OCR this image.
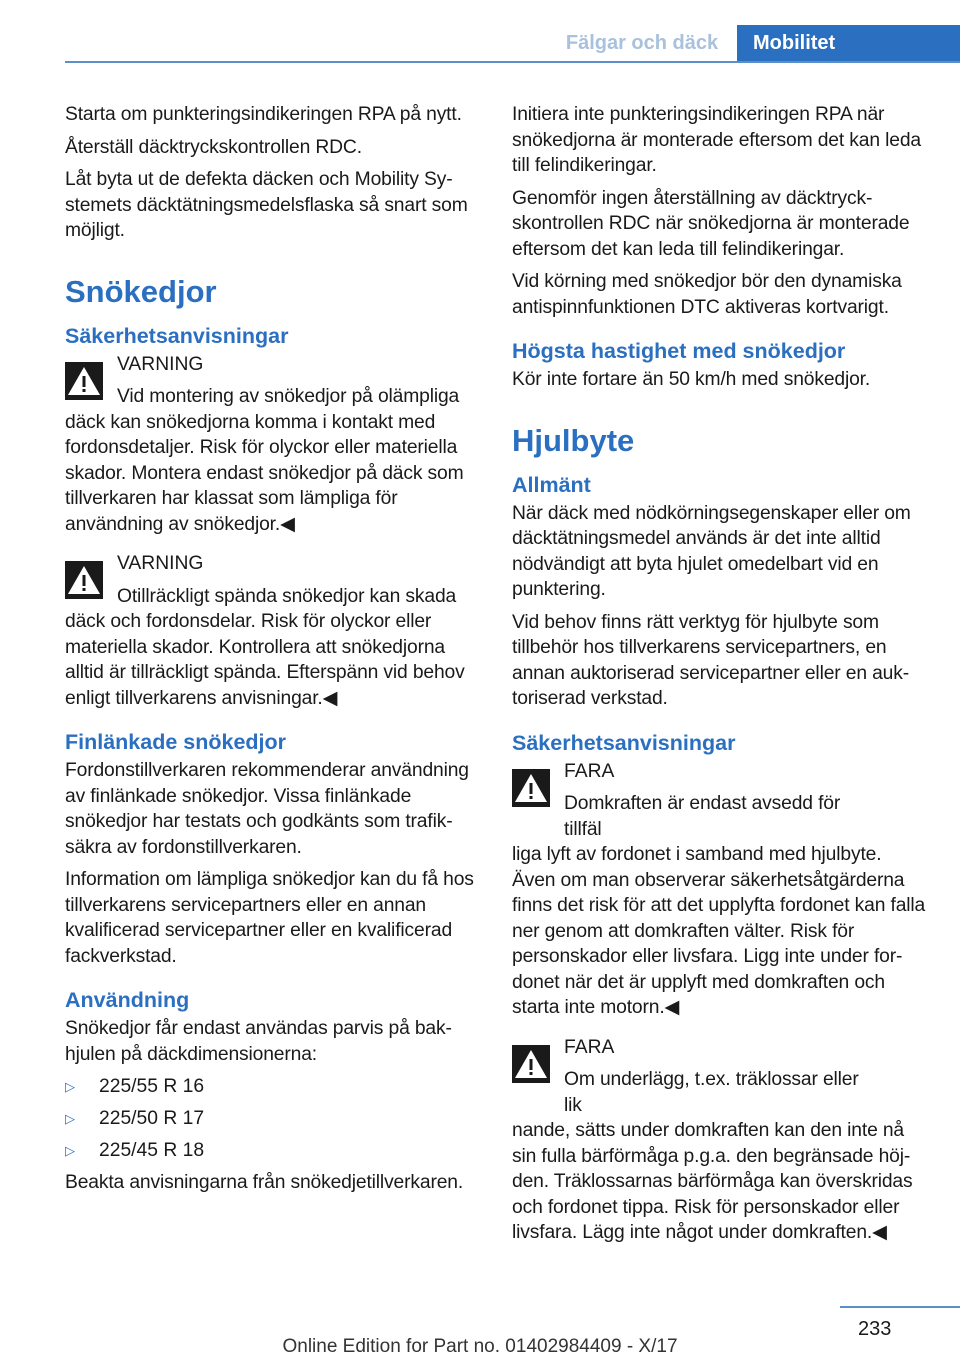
Fälgar och däck	Mobilitet

Starta om punkteringsindikeringen RPA på nytt.

Återställ däcktryckskontrollen RDC.

Låt byta ut de defekta däcken och Mobility Systemets däcktätningsmedelsflaska så snart som möjligt.

Snökedjor
Säkerhetsanvisningar
VARNING
Vid montering av snökedjor på olämpliga
däck kan snökedjorna komma i kontakt med fordonsdetaljer. Risk för olyckor eller materiella skador. Montera endast snökedjor på däck som tillverkaren har klassat som lämpliga för användning av snökedjor.◀
VARNING
Otillräckligt spända snökedjor kan skada
däck och fordonsdelar. Risk för olyckor eller materiella skador. Kontrollera att snökedjorna alltid är tillräckligt spända. Efterspänn vid behov enligt tillverkarens anvisningar.◀
Finlänkade snökedjor

Fordonstillverkaren rekommenderar användning av finlänkade snökedjor. Vissa finlänkade snökedjor har testats och godkänts som trafiksäkra av fordonstillverkaren.

Information om lämpliga snökedjor kan du få hos tillverkarens servicepartners eller en annan kvalificerad servicepartner eller en kvalificerad fackverkstad.

Användning

Snökedjor får endast användas parvis på bakhjulen på däckdimensionerna:

▷	225/55 R 16
▷	225/50 R 17
▷	225/45 R 18

Beakta anvisningarna från snökedjetillverkaren.

Initiera inte punkteringsindikeringen RPA när snökedjorna är monterade eftersom det kan leda till felindikeringar.

Genomför ingen återställning av däcktryckskontrollen RDC när snökedjorna är monterade eftersom det kan leda till felindikeringar.

Vid körning med snökedjor bör den dynamiska antispinnfunktionen DTC aktiveras kortvarigt.

Högsta hastighet med snökedjor

Kör inte fortare än 50 km/h med snökedjor.

Hjulbyte
Allmänt

När däck med nödkörningsegenskaper eller om däcktätningsmedel används är det inte alltid nödvändigt att byta hjulet omedelbart vid en punktering.

Vid behov finns rätt verktyg för hjulbyte som tillbehör hos tillverkarens servicepartners, en annan auktoriserad servicepartner eller en auktoriserad verkstad.

Säkerhetsanvisningar
FARA
Domkraften är endast avsedd för tillfäl
liga lyft av fordonet i samband med hjulbyte. Även om man observerar säkerhetsåtgärderna finns det risk för att det upplyfta fordonet kan falla ner genom att domkraften välter. Risk för personskador eller livsfara. Ligg inte under fordonet när det är upplyft med domkraften och starta inte motorn.◀
FARA
Om underlägg, t.ex. träklossar eller lik
nande, sätts under domkraften kan den inte nå sin fulla bärförmåga p.g.a. den begränsade höjden. Träklossarnas bärförmåga kan överskridas och fordonet tippa. Risk för personskador eller livsfara. Lägg inte något under domkraften.◀
233
Online Edition for Part no. 01402984409 - X/17
